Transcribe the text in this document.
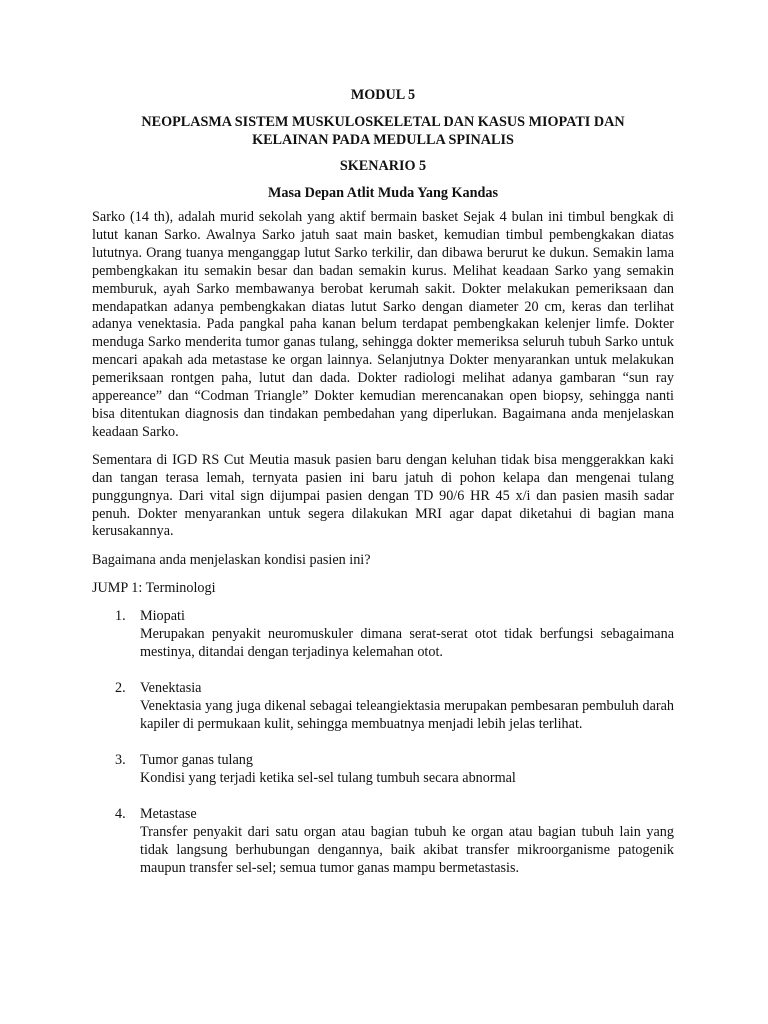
MODUL 5
NEOPLASMA SISTEM MUSKULOSKELETAL DAN KASUS MIOPATI DAN
KELAINAN PADA MEDULLA SPINALIS
SKENARIO 5
Masa Depan Atlit Muda Yang Kandas

Sarko (14 th), adalah murid sekolah yang aktif bermain basket Sejak 4 bulan ini timbul bengkak di lutut kanan Sarko. Awalnya Sarko jatuh saat main basket, kemudian timbul pembengkakan diatas lututnya. Orang tuanya menganggap lutut Sarko terkilir, dan dibawa berurut ke dukun. Semakin lama pembengkakan itu semakin besar dan badan semakin kurus. Melihat keadaan Sarko yang semakin memburuk, ayah Sarko membawanya berobat kerumah sakit. Dokter melakukan pemeriksaan dan mendapatkan adanya pembengkakan diatas lutut Sarko dengan diameter 20 cm, keras dan terlihat adanya venektasia. Pada pangkal paha kanan belum terdapat pembengkakan kelenjer limfe. Dokter menduga Sarko menderita tumor ganas tulang, sehingga dokter memeriksa seluruh tubuh Sarko untuk mencari apakah ada metastase ke organ lainnya. Selanjutnya Dokter menyarankan untuk melakukan pemeriksaan rontgen paha, lutut dan dada. Dokter radiologi melihat adanya gambaran “sun ray appereance” dan “Codman Triangle” Dokter kemudian merencanakan open biopsy, sehingga nanti bisa ditentukan diagnosis dan tindakan pembedahan yang diperlukan. Bagaimana anda menjelaskan keadaan Sarko.

Sementara di IGD RS Cut Meutia masuk pasien baru dengan keluhan tidak bisa menggerakkan kaki dan tangan terasa lemah, ternyata pasien ini baru jatuh di pohon kelapa dan mengenai tulang punggungnya. Dari vital sign dijumpai pasien dengan TD 90/6 HR 45 x/i dan pasien masih sadar penuh. Dokter menyarankan untuk segera dilakukan MRI agar dapat diketahui di bagian mana kerusakannya.

Bagaimana anda menjelaskan kondisi pasien ini?

JUMP 1: Terminologi

1. Miopati
Merupakan penyakit neuromuskuler dimana serat-serat otot tidak berfungsi sebagaimana mestinya, ditandai dengan terjadinya kelemahan otot.
2. Venektasia
Venektasia yang juga dikenal sebagai teleangiektasia merupakan pembesaran pembuluh darah kapiler di permukaan kulit, sehingga membuatnya menjadi lebih jelas terlihat.
3. Tumor ganas tulang
Kondisi yang terjadi ketika sel-sel tulang tumbuh secara abnormal
4. Metastase
Transfer penyakit dari satu organ atau bagian tubuh ke organ atau bagian tubuh lain yang tidak langsung berhubungan dengannya, baik akibat transfer mikroorganisme patogenik maupun transfer sel-sel; semua tumor ganas mampu bermetastasis.
